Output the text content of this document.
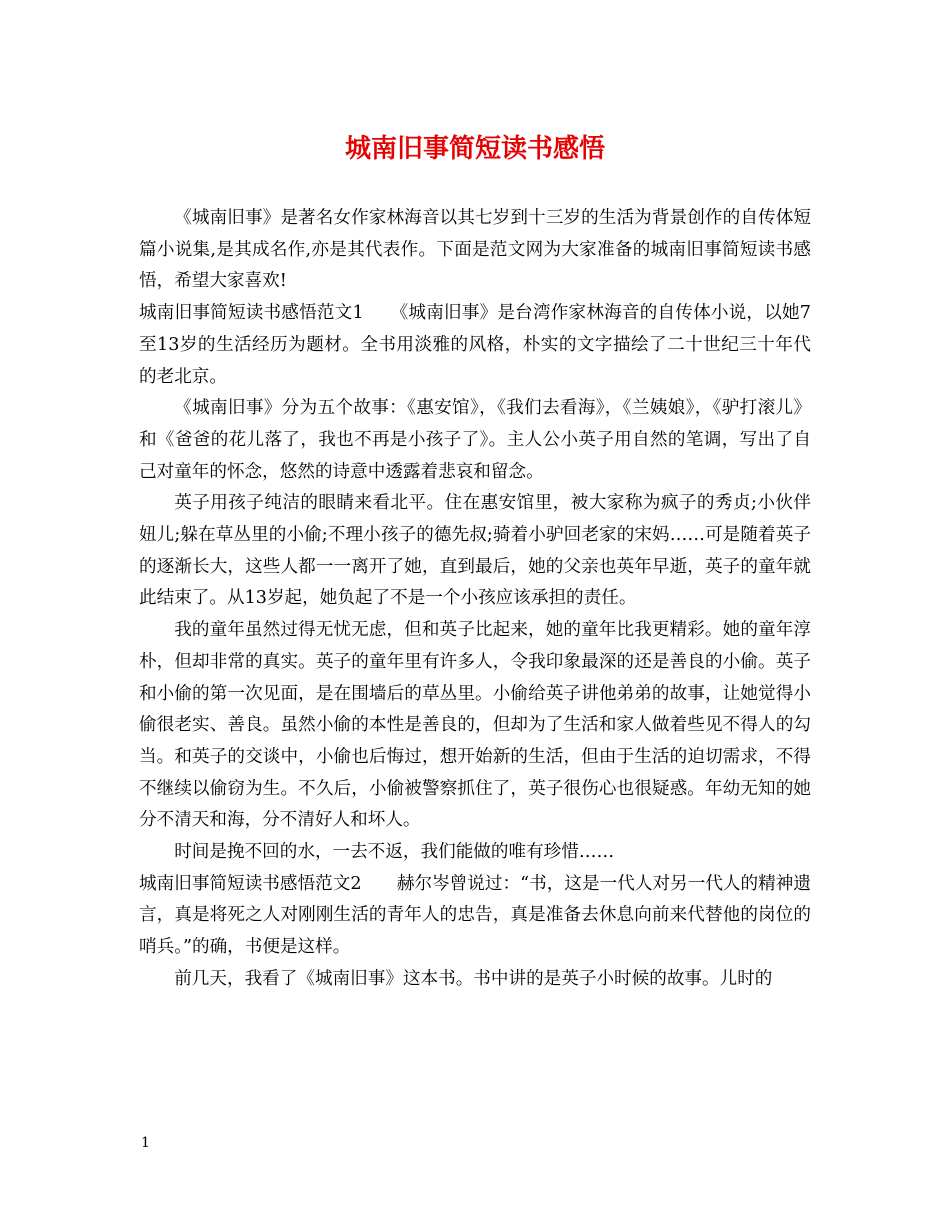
城南旧事简短读书感悟

《城南旧事》是著名女作家林海音以其七岁到十三岁的生活为背景创作的自传体短篇小说集,是其成名作,亦是其代表作。下面是范文网为大家准备的城南旧事简短读书感悟，希望大家喜欢!

城南旧事简短读书感悟范文1　　《城南旧事》是台湾作家林海音的自传体小说，以她7至13岁的生活经历为题材。全书用淡雅的风格，朴实的文字描绘了二十世纪三十年代的老北京。

《城南旧事》分为五个故事：《惠安馆》，《我们去看海》，《兰姨娘》，《驴打滚儿》和《爸爸的花儿落了，我也不再是小孩子了》。主人公小英子用自然的笔调，写出了自己对童年的怀念，悠然的诗意中透露着悲哀和留念。

英子用孩子纯洁的眼睛来看北平。住在惠安馆里，被大家称为疯子的秀贞;小伙伴妞儿;躲在草丛里的小偷;不理小孩子的德先叔;骑着小驴回老家的宋妈……可是随着英子的逐渐长大，这些人都一一离开了她，直到最后，她的父亲也英年早逝，英子的童年就此结束了。从13岁起，她负起了不是一个小孩应该承担的责任。

我的童年虽然过得无忧无虑，但和英子比起来，她的童年比我更精彩。她的童年淳朴，但却非常的真实。英子的童年里有许多人，令我印象最深的还是善良的小偷。英子和小偷的第一次见面，是在围墙后的草丛里。小偷给英子讲他弟弟的故事，让她觉得小偷很老实、善良。虽然小偷的本性是善良的，但却为了生活和家人做着些见不得人的勾当。和英子的交谈中，小偷也后悔过，想开始新的生活，但由于生活的迫切需求，不得不继续以偷窃为生。不久后，小偷被警察抓住了，英子很伤心也很疑惑。年幼无知的她分不清天和海，分不清好人和坏人。

时间是挽不回的水，一去不返，我们能做的唯有珍惜……

城南旧事简短读书感悟范文2　　赫尔岑曾说过：“书，这是一代人对另一代人的精神遗言，真是将死之人对刚刚生活的青年人的忠告，真是准备去休息向前来代替他的岗位的哨兵。”的确，书便是这样。

前几天，我看了《城南旧事》这本书。书中讲的是英子小时候的故事。儿时的

1
